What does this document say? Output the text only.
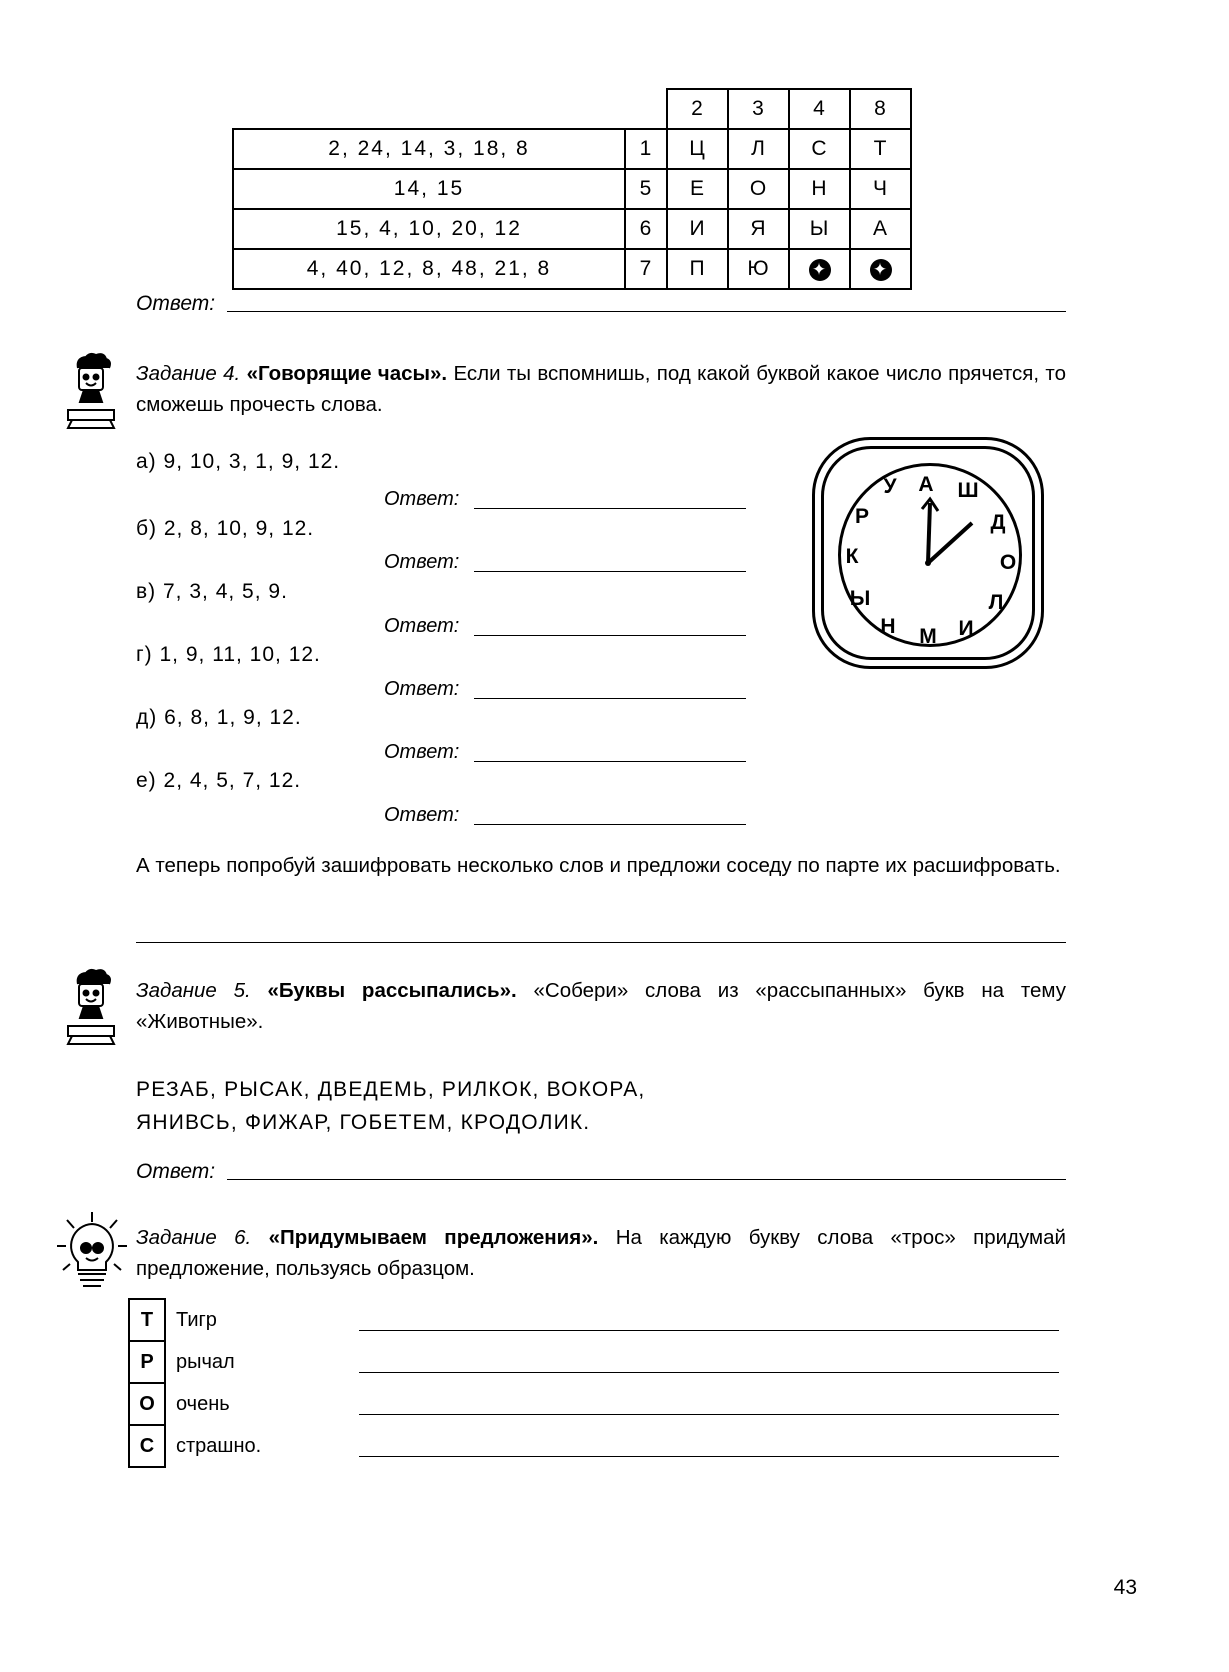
		2	3	4	8
2, 24, 14, 3, 18, 8	1	Ц	Л	С	Т
14, 15	5	Е	О	Н	Ч
15, 4, 10, 20, 12	6	И	Я	Ы	А
4, 40, 12, 8, 48, 21, 8	7	П	Ю	✦	✦
Ответ:
Задание 4. «Говорящие часы». Если ты вспомнишь, под какой буквой какое число прячется, то сможешь прочесть слова.
а) 9, 10, 3, 1, 9, 12.
Ответ:
б) 2, 8, 10, 9, 12.
Ответ:
в) 7, 3, 4, 5, 9.
Ответ:
г) 1, 9, 11, 10, 12.
Ответ:
д) 6, 8, 1, 9, 12.
Ответ:
е) 2, 4, 5, 7, 12.
Ответ:
А Ш
Д
О
Л
И
М
Н
Ы
К
Р
У
А теперь попробуй зашифровать несколько слов и предложи соседу по парте их расшифровать.
Задание 5. «Буквы рассыпались». «Собери» слова из «рассыпанных» букв на тему «Животные».
РЕЗАБ, РЫСАК, ДВЕДЕМЬ, РИЛКОК, ВОКОРА,
ЯНИВСЬ, ФИЖАР, ГОБЕТЕМ, КРОДОЛИК.
Ответ:
Задание 6. «Придумываем предложения». На каждую букву слова «трос» придумай предложение, пользуясь образцом.
Т	Тигр	

Р	рычал	

О	очень	

С	страшно.	
43
